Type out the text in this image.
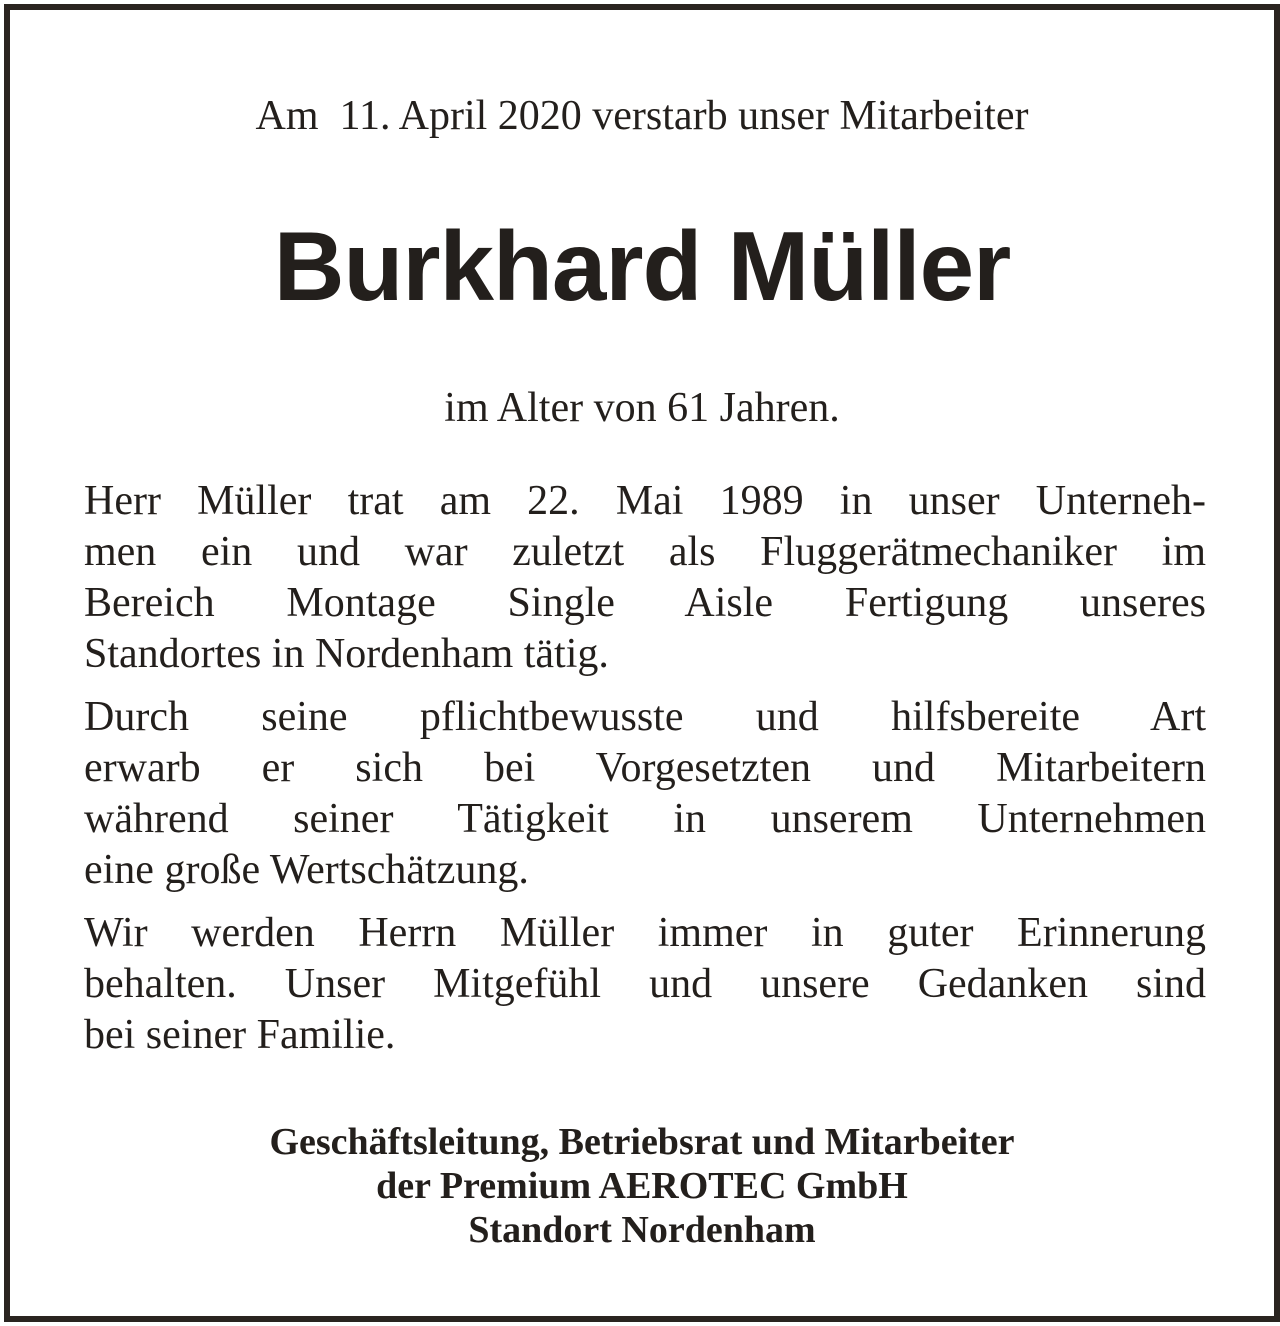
Am  11. April 2020 verstarb unser Mitarbeiter
Burkhard Müller
im Alter von 61 Jahren.

Herr Müller trat am 22. Mai 1989 in unser Unterneh-
men ein und war zuletzt als Fluggerätmechaniker im
Bereich Montage Single Aisle Fertigung unseres
Standortes in Nordenham tätig.

Durch seine pflichtbewusste und hilfsbereite Art
erwarb er sich bei Vorgesetzten und Mitarbeitern
während seiner Tätigkeit in unserem Unternehmen
eine große Wertschätzung.

Wir werden Herrn Müller immer in guter Erinnerung
behalten. Unser Mitgefühl und unsere Gedanken sind
bei seiner Familie.

Geschäftsleitung, Betriebsrat und Mitarbeiter
der Premium AEROTEC GmbH
Standort Nordenham
